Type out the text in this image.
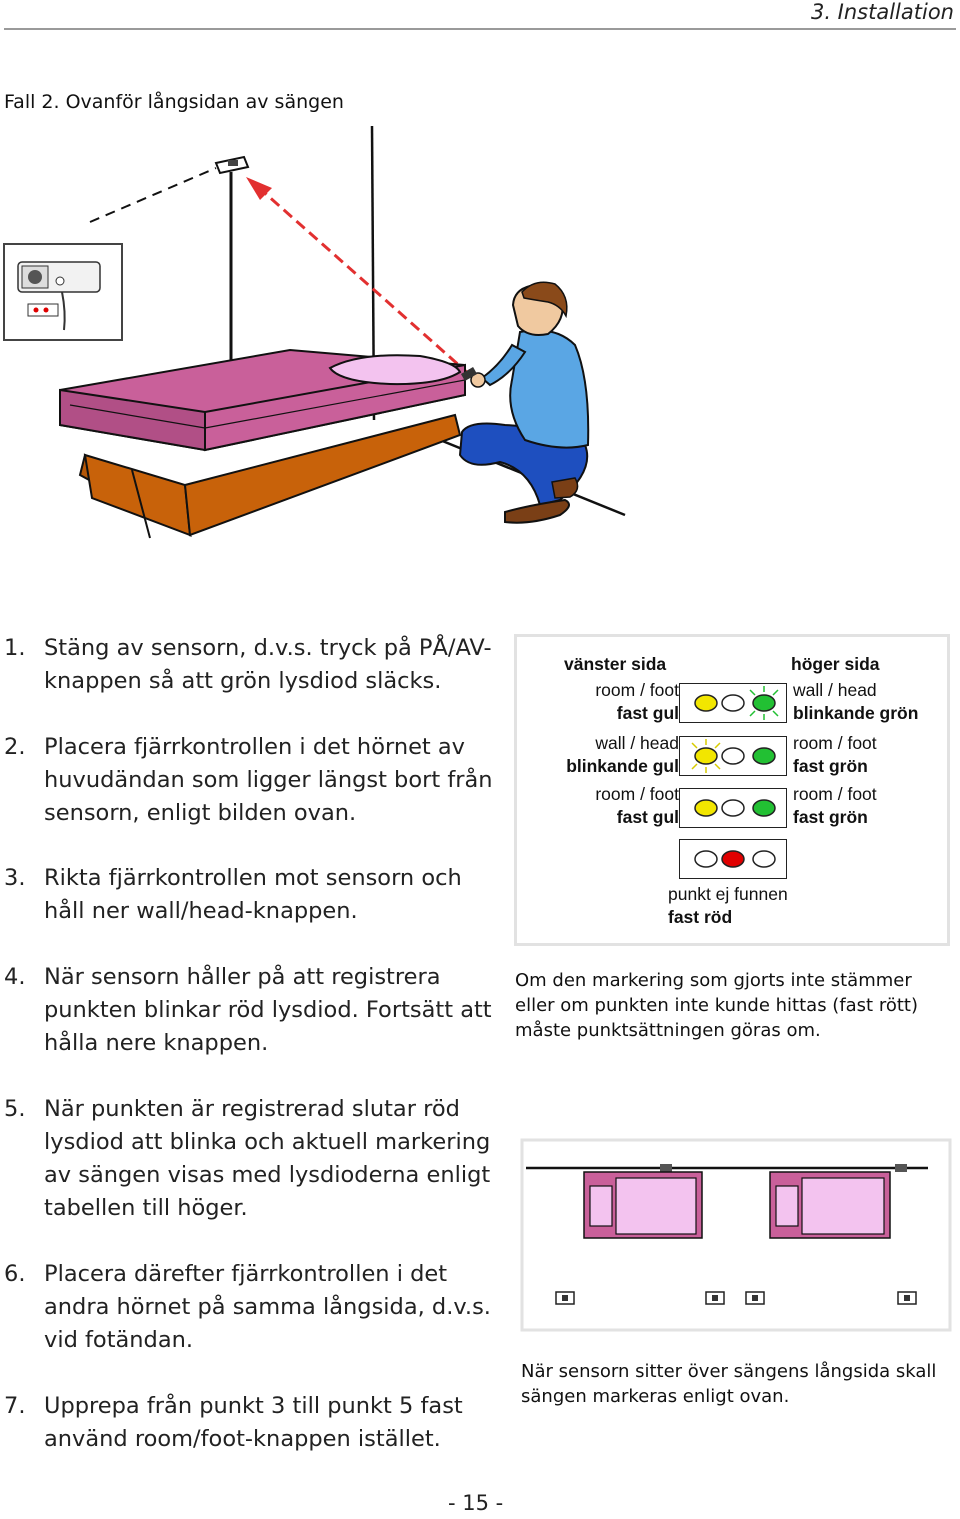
3. Installation
Fall 2. Ovanför långsidan av sängen
1. Stäng av sensorn, d.v.s. tryck på PÅ/AV-knappen så att grön lysdiod släcks.
2. Placera fjärrkontrollen i det hörnet av huvudändan som ligger längst bort från sensorn, enligt bilden ovan.
3. Rikta fjärrkontrollen mot sensorn och håll ner wall/head-knappen.
4. När sensorn håller på att registrera punkten blinkar röd lysdiod. Fortsätt att hålla nere knappen.
5. När punkten är registrerad slutar röd lysdiod att blinka och aktuell markering av sängen visas med lysdioderna enligt tabellen till höger.
6. Placera därefter fjärrkontrollen i det andra hörnet på samma långsida, d.v.s. vid fotändan.
7. Upprepa från punkt 3 till punkt 5 fast använd room/foot-knappen istället.
vänster sida	höger sida
room / foot
fast gul
wall / head
blinkande grön
wall / head
blinkande gul
room / foot
fast grön
room / foot
fast gul
room / foot
fast grön
punkt ej funnen
fast röd
Om den markering som gjorts inte stämmer eller om punkten inte kunde hittas (fast rött) måste punktsättningen göras om.
När sensorn sitter över sängens långsida skall sängen markeras enligt ovan.
- 15 -
